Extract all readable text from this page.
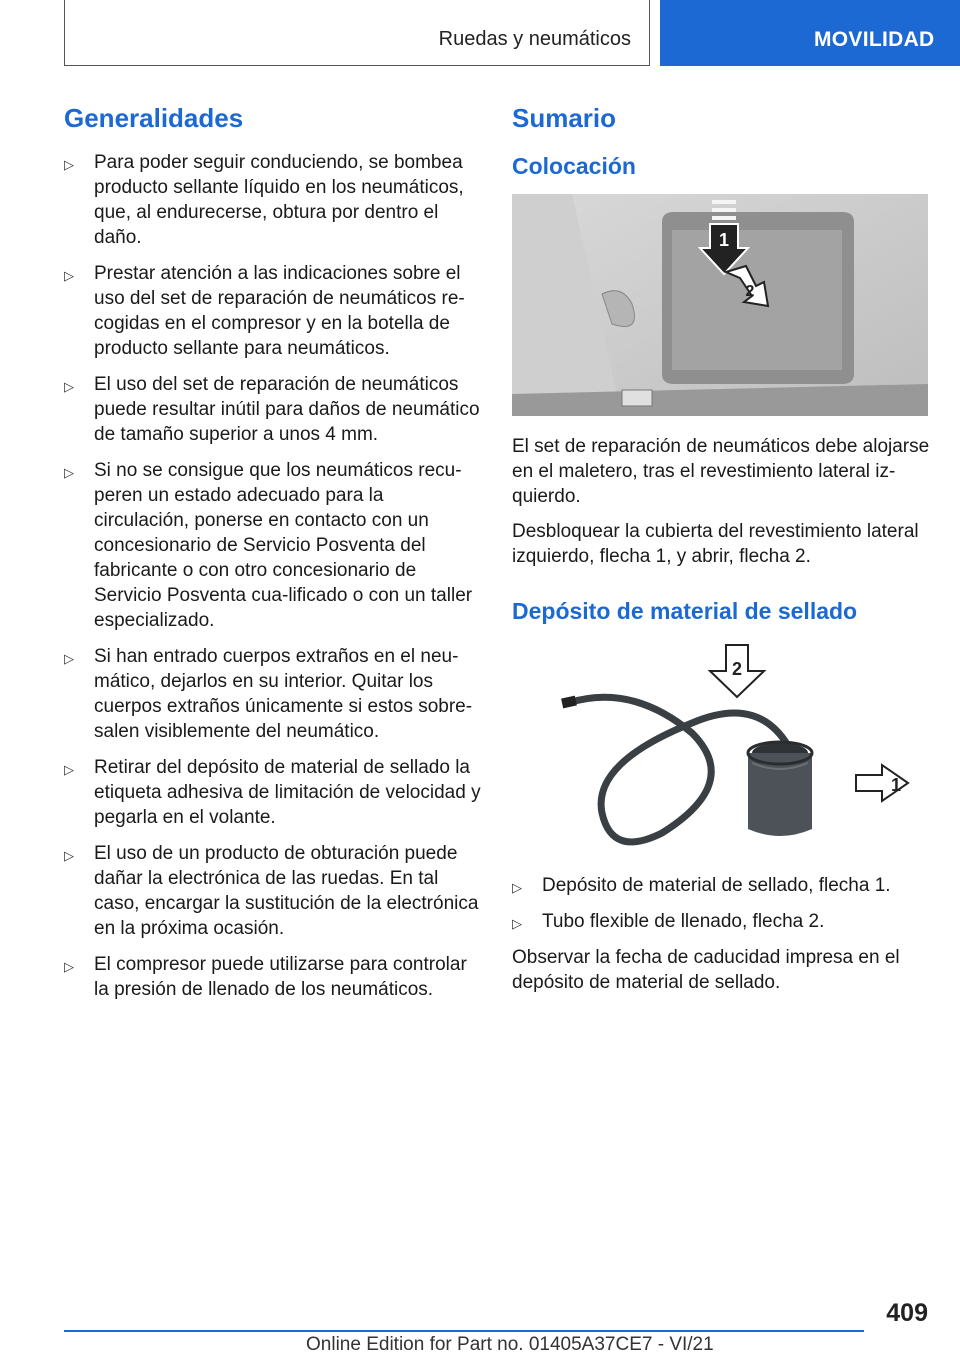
Ruedas y neumáticos	MOVILIDAD
Generalidades
▷ Para poder seguir conduciendo, se bombea producto sellante líquido en los neumáticos, que, al endurecerse, obtura por dentro el daño.
▷ Prestar atención a las indicaciones sobre el uso del set de reparación de neumáticos re-cogidas en el compresor y en la botella de producto sellante para neumáticos.
▷ El uso del set de reparación de neumáticos puede resultar inútil para daños de neumático de tamaño superior a unos 4 mm.
▷ Si no se consigue que los neumáticos recu-peren un estado adecuado para la circulación, ponerse en contacto con un concesionario de Servicio Posventa del fabricante o con otro concesionario de Servicio Posventa cua-lificado o con un taller especializado.
▷ Si han entrado cuerpos extraños en el neu-mático, dejarlos en su interior. Quitar los cuerpos extraños únicamente si estos sobre-salen visiblemente del neumático.
▷ Retirar del depósito de material de sellado la etiqueta adhesiva de limitación de velocidad y pegarla en el volante.
▷ El uso de un producto de obturación puede dañar la electrónica de las ruedas. En tal caso, encargar la sustitución de la electrónica en la próxima ocasión.
▷ El compresor puede utilizarse para controlar la presión de llenado de los neumáticos.
Sumario
Colocación
1
2

El set de reparación de neumáticos debe alojarse en el maletero, tras el revestimiento lateral iz-quierdo.

Desbloquear la cubierta del revestimiento lateral izquierdo, flecha 1, y abrir, flecha 2.

Depósito de material de sellado
2
1
▷ Depósito de material de sellado, flecha 1.
▷ Tubo flexible de llenado, flecha 2.

Observar la fecha de caducidad impresa en el depósito de material de sellado.

409
Online Edition for Part no. 01405A37CE7 - VI/21
